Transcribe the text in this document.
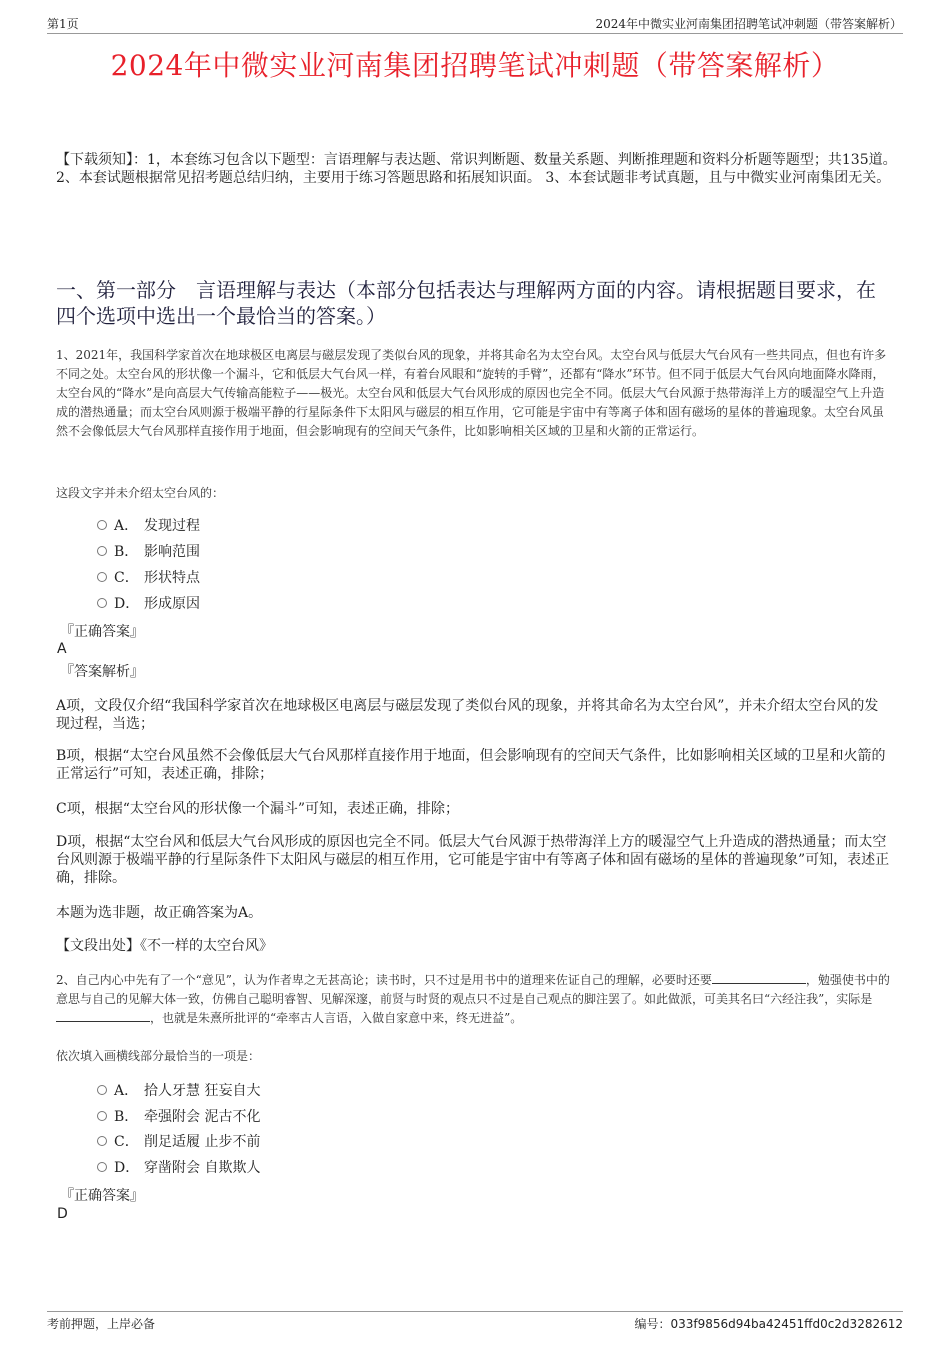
第1页	2024年中微实业河南集团招聘笔试冲刺题（带答案解析）
2024年中微实业河南集团招聘笔试冲刺题（带答案解析）
【下载须知】：1，本套练习包含以下题型：言语理解与表达题、常识判断题、数量关系题、判断推理题和资料分析题等题型；共135道。 2、本套试题根据常见招考题总结归纳，主要用于练习答题思路和拓展知识面。 3、本套试题非考试真题，且与中微实业河南集团无关。
一、第一部分　言语理解与表达（本部分包括表达与理解两方面的内容。请根据题目要求，在四个选项中选出一个最恰当的答案。）
1、2021年，我国科学家首次在地球极区电离层与磁层发现了类似台风的现象，并将其命名为太空台风。太空台风与低层大气台风有一些共同点，但也有许多不同之处。太空台风的形状像一个漏斗，它和低层大气台风一样，有着台风眼和“旋转的手臂”，还都有“降水”环节。但不同于低层大气台风向地面降水降雨，太空台风的“降水”是向高层大气传输高能粒子——极光。太空台风和低层大气台风形成的原因也完全不同。低层大气台风源于热带海洋上方的暖湿空气上升造成的潜热通量；而太空台风则源于极端平静的行星际条件下太阳风与磁层的相互作用，它可能是宇宙中有等离子体和固有磁场的星体的普遍现象。太空台风虽然不会像低层大气台风那样直接作用于地面，但会影响现有的空间天气条件，比如影响相关区域的卫星和火箭的正常运行。
这段文字并未介绍太空台风的：
A． 发现过程
B． 影响范围
C． 形状特点
D． 形成原因
『正确答案』
A
『答案解析』
A项，文段仅介绍“我国科学家首次在地球极区电离层与磁层发现了类似台风的现象，并将其命名为太空台风”，并未介绍太空台风的发现过程，当选；
B项，根据“太空台风虽然不会像低层大气台风那样直接作用于地面，但会影响现有的空间天气条件，比如影响相关区域的卫星和火箭的正常运行”可知，表述正确，排除；
C项，根据“太空台风的形状像一个漏斗”可知，表述正确，排除；
D项，根据“太空台风和低层大气台风形成的原因也完全不同。低层大气台风源于热带海洋上方的暖湿空气上升造成的潜热通量；而太空台风则源于极端平静的行星际条件下太阳风与磁层的相互作用，它可能是宇宙中有等离子体和固有磁场的星体的普遍现象”可知，表述正确，排除。
本题为选非题，故正确答案为A。
【文段出处】《不一样的太空台风》
2、自己内心中先有了一个“意见”，认为作者卑之无甚高论；读书时，只不过是用书中的道理来佐证自己的理解，必要时还要	，勉强使书中的意思与自己的见解大体一致，仿佛自己聪明睿智、见解深邃，前贤与时贤的观点只不过是自己观点的脚注罢了。如此做派，可美其名曰“六经注我”，实际是，也就是朱熹所批评的“牵率古人言语，入做自家意中来，终无进益”。
依次填入画横线部分最恰当的一项是：
A． 拾人牙慧 狂妄自大
B． 牵强附会 泥古不化
C． 削足适履 止步不前
D． 穿凿附会 自欺欺人
『正确答案』
D
考前押题，上岸必备	编号：033f9856d94ba42451ffd0c2d3282612
